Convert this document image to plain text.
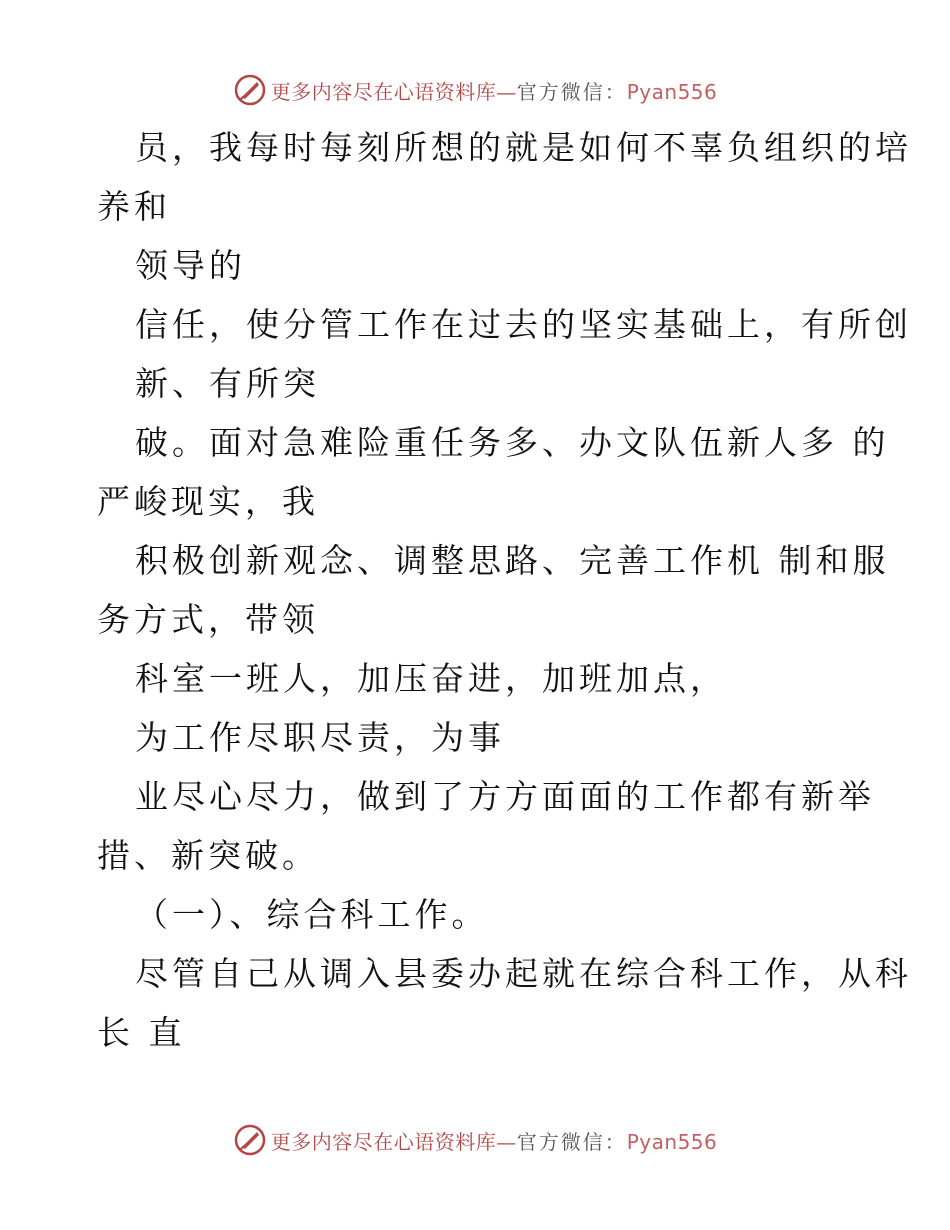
更多内容尽在心语资料库—官方微信：Pyan556
员，我每时每刻所想的就是如何不辜负组织的培
养和
领导的
信任，使分管工作在过去的坚实基础上，有所创
新、有所突
破。面对急难险重任务多、办文队伍新人多 的
严峻现实，我
积极创新观念、调整思路、完善工作机 制和服
务方式，带领
科室一班人，加压奋进，加班加点，
为工作尽职尽责，为事
业尽心尽力，做到了方方面面的工作都有新举
措、新突破。
（一）、综合科工作。
尽管自己从调入县委办起就在综合科工作，从科
长 直
更多内容尽在心语资料库—官方微信：Pyan556
